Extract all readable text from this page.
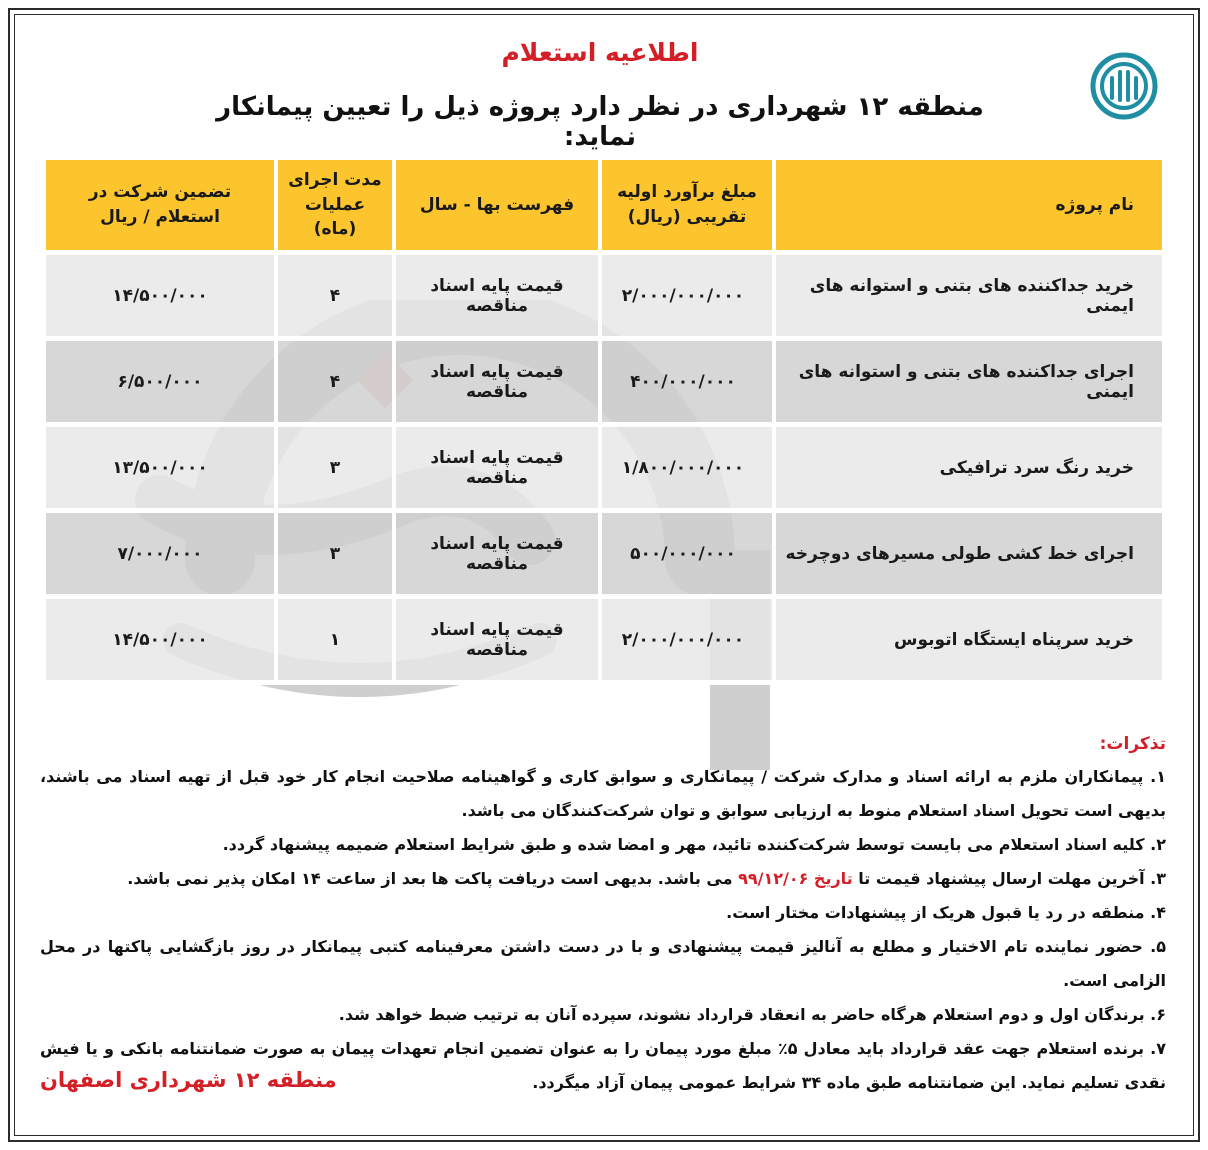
اطلاعیه استعلام
منطقه ۱۲ شهرداری در نظر دارد پروژه ذیل را تعیین پیمانکار نماید:
نام پروژه	مبلغ برآورد اولیه تقریبی (ریال)	فهرست بها - سال	مدت اجرای عملیات (ماه)	تضمین شرکت در استعلام / ریال
خرید جداکننده های بتنی و استوانه های ایمنی	۲/۰۰۰/۰۰۰/۰۰۰	قیمت پایه اسناد مناقصه	۴	۱۴/۵۰۰/۰۰۰
اجرای جداکننده های بتنی و استوانه های ایمنی	۴۰۰/۰۰۰/۰۰۰	قیمت پایه اسناد مناقصه	۴	۶/۵۰۰/۰۰۰
خرید رنگ سرد ترافیکی	۱/۸۰۰/۰۰۰/۰۰۰	قیمت پایه اسناد مناقصه	۳	۱۳/۵۰۰/۰۰۰
اجرای خط کشی طولی مسیرهای دوچرخه	۵۰۰/۰۰۰/۰۰۰	قیمت پایه اسناد مناقصه	۳	۷/۰۰۰/۰۰۰
خرید سرپناه ایستگاه اتوبوس	۲/۰۰۰/۰۰۰/۰۰۰	قیمت پایه اسناد مناقصه	۱	۱۴/۵۰۰/۰۰۰
تذکرات:

۱. پیمانکاران ملزم به ارائه اسناد و مدارک شرکت / پیمانکاری و سوابق کاری و گواهینامه صلاحیت انجام کار خود قبل از تهیه اسناد می باشند، بدیهی است تحویل اسناد استعلام منوط به ارزیابی سوابق و توان شرکت‌کنندگان می باشد.

۲. کلیه اسناد استعلام می بایست توسط شرکت‌کننده تائید، مهر و امضا شده و طبق شرایط استعلام ضمیمه پیشنهاد گردد.

۳. آخرین مهلت ارسال پیشنهاد قیمت تا تاریخ ۹۹/۱۲/۰۶ می باشد. بدیهی است دریافت پاکت ها بعد از ساعت ۱۴ امکان پذیر نمی باشد.

۴. منطقه در رد یا قبول هریک از پیشنهادات مختار است.

۵. حضور نماینده تام الاختیار و مطلع به آنالیز قیمت پیشنهادی و با در دست داشتن معرفینامه کتبی پیمانکار در روز بازگشایی پاکتها در محل الزامی است.

۶. برندگان اول و دوم استعلام هرگاه حاضر به انعقاد قرارداد نشوند، سپرده آنان به ترتیب ضبط خواهد شد.

۷. برنده استعلام جهت عقد قرارداد باید معادل ۵٪ مبلغ مورد پیمان را به عنوان تضمین انجام تعهدات پیمان به صورت ضمانتنامه بانکی و یا فیش نقدی تسلیم نماید. این ضمانتنامه طبق ماده ۳۴ شرایط عمومی پیمان آزاد میگردد.

منطقه ۱۲ شهرداری اصفهان
